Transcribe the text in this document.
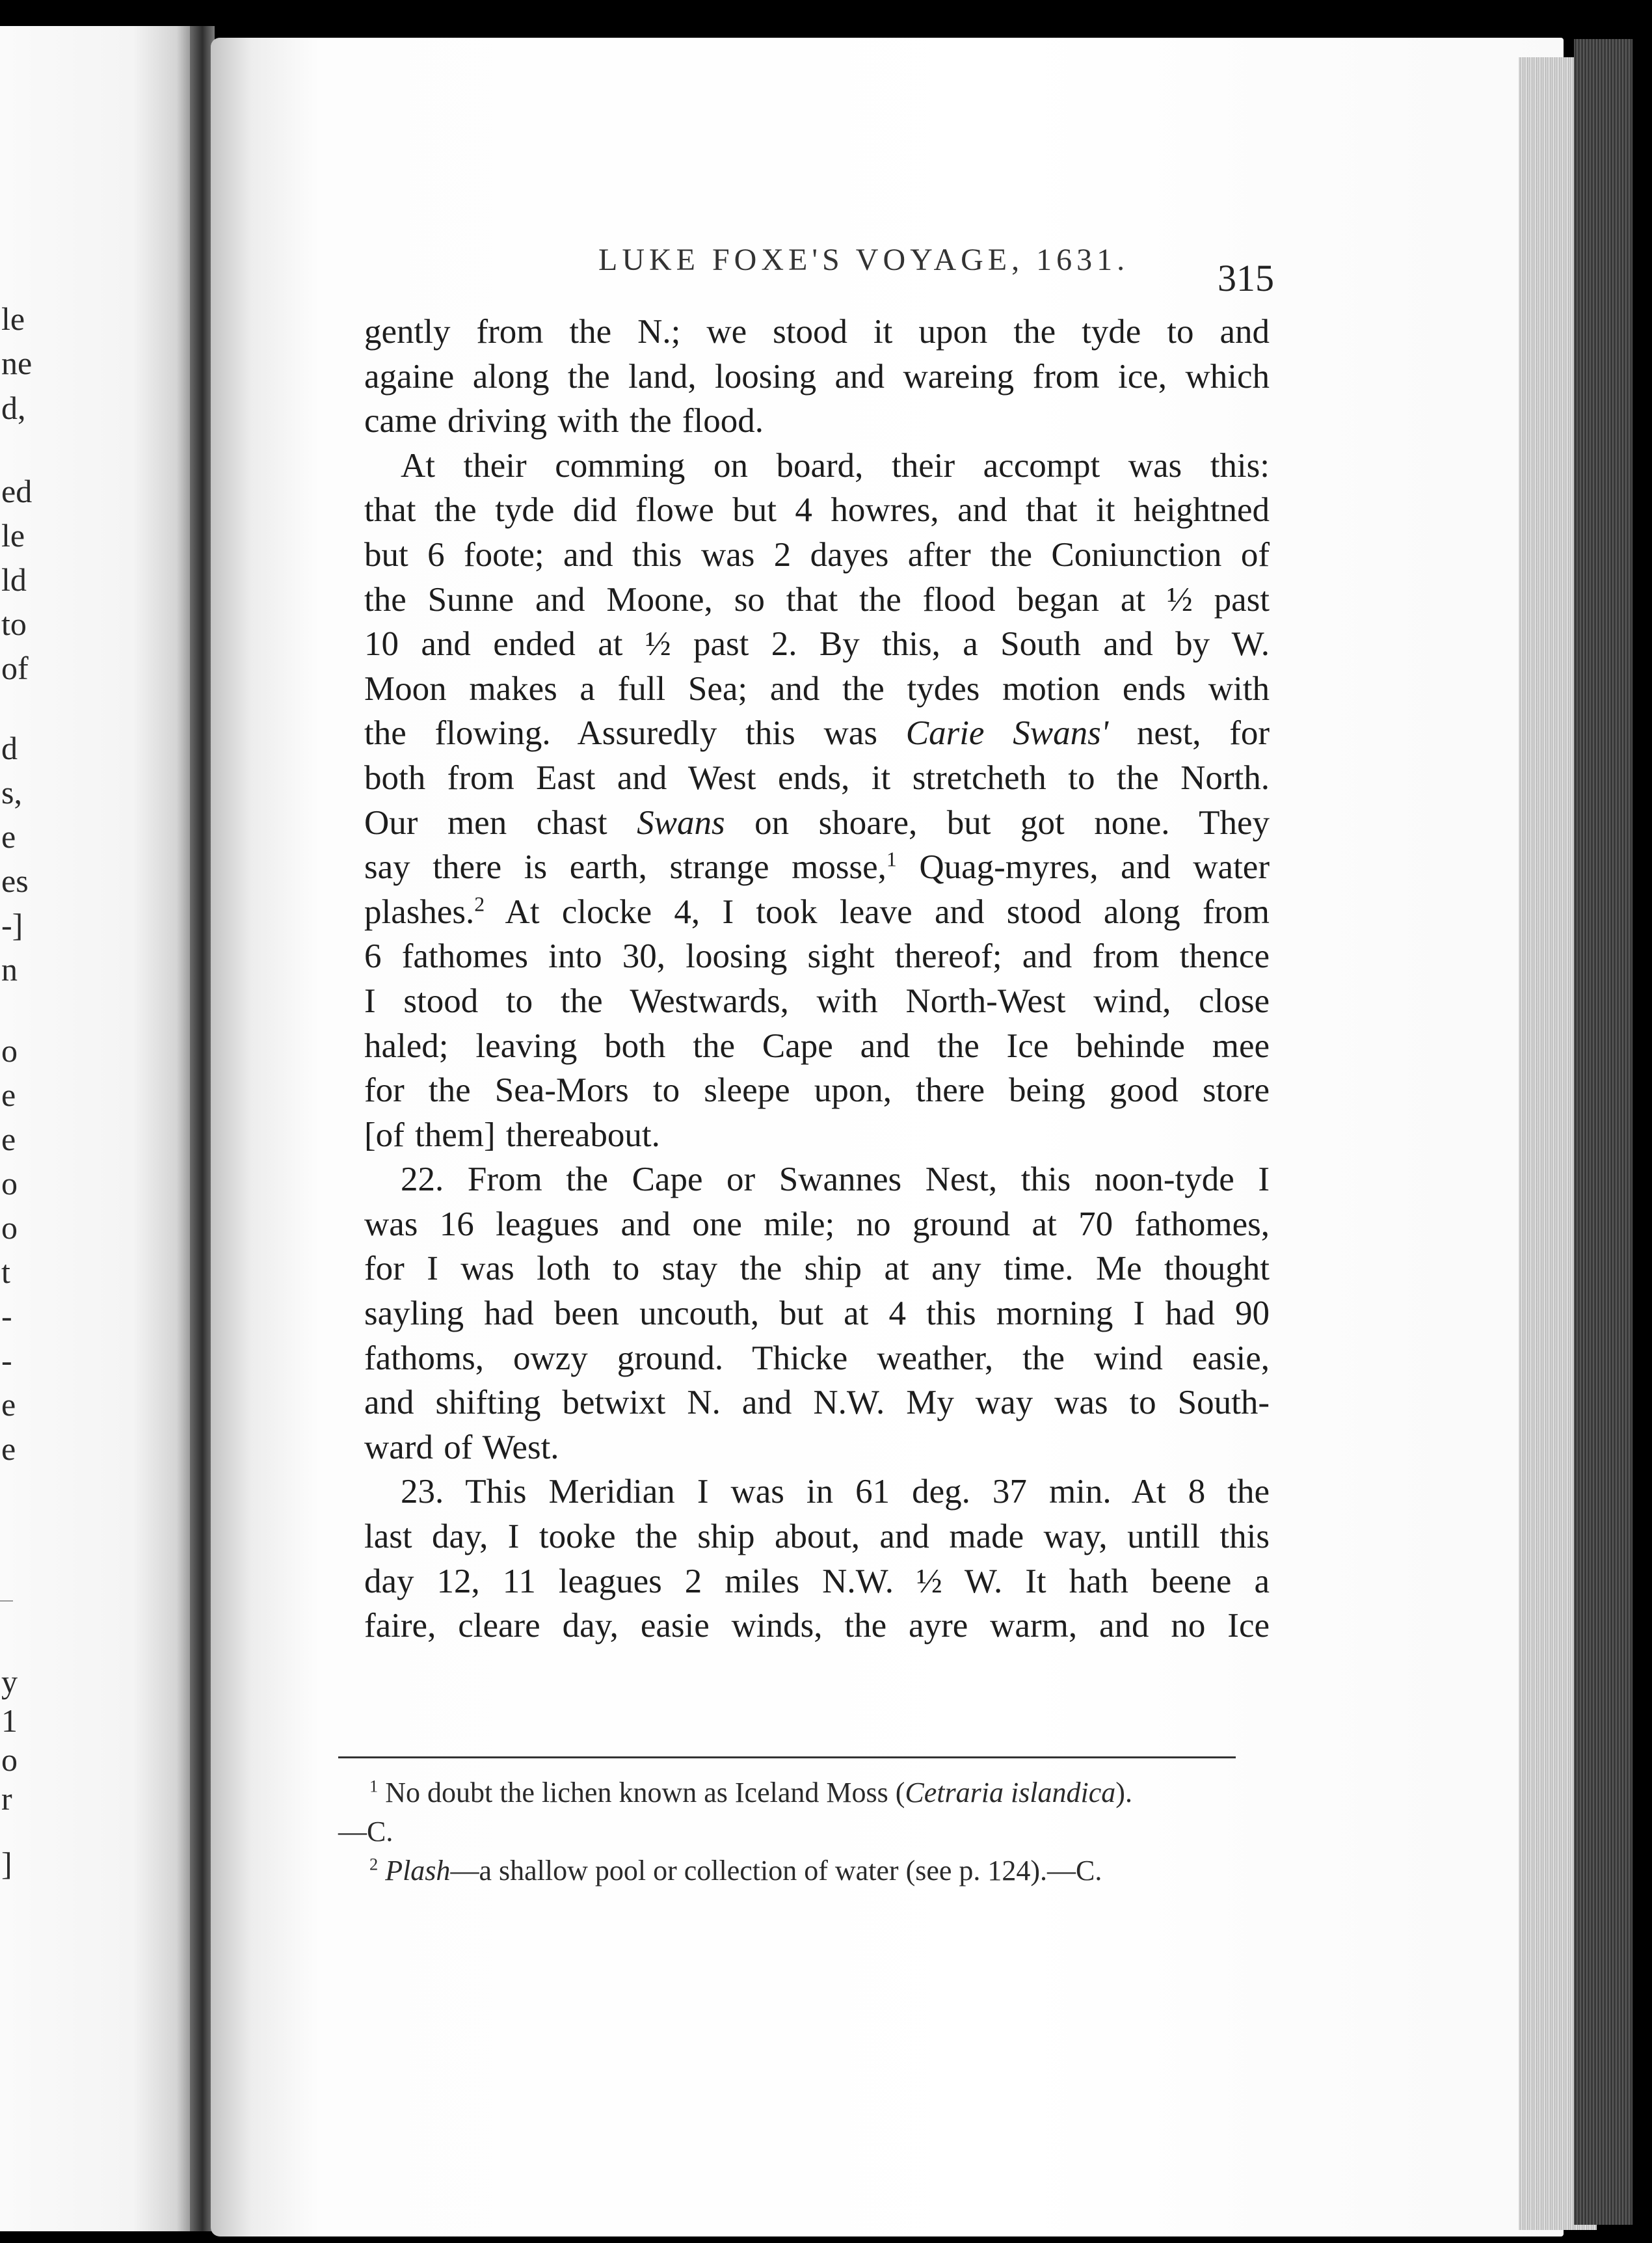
le
ne
d,
ed
le
ld
to
of
d
s,
e
es
-]
n
o
e
e
o
o
t
-
-
e
e
y
1
o
r
]
LUKE FOXE'S VOYAGE, 1631. 315
gently from the N.; we stood it upon the tyde to and
againe along the land, loosing and wareing from ice, which
came driving with the flood.
At their comming on board, their accompt was this:
that the tyde did flowe but 4 howres, and that it heightned
but 6 foote; and this was 2 dayes after the Coniunction of
the Sunne and Moone, so that the flood began at ½ past
10 and ended at ½ past 2. By this, a South and by W.
Moon makes a full Sea; and the tydes motion ends with
the flowing. Assuredly this was Carie Swans' nest, for
both from East and West ends, it stretcheth to the North.
Our men chast Swans on shoare, but got none. They
say there is earth, strange mosse,$^1$ Quag-myres, and water
plashes.$^2$ At clocke 4, I took leave and stood along from
6 fathomes into 30, loosing sight thereof; and from thence
I stood to the Westwards, with North-West wind, close
haled; leaving both the Cape and the Ice behinde mee
for the Sea-Mors to sleepe upon, there being good store
[of them] thereabout.
22. From the Cape or Swannes Nest, this noon-tyde I
was 16 leagues and one mile; no ground at 70 fathomes,
for I was loth to stay the ship at any time. Me thought
sayling had been uncouth, but at 4 this morning I had 90
fathoms, owzy ground. Thicke weather, the wind easie,
and shifting betwixt N. and N.W. My way was to South-
ward of West.
23. This Meridian I was in 61 deg. 37 min. At 8 the
last day, I tooke the ship about, and made way, untill this
day 12, 11 leagues 2 miles N.W. ½ W. It hath beene a
faire, cleare day, easie winds, the ayre warm, and no Ice
$^1$ No doubt the lichen known as Iceland Moss (Cetraria islandica).
—C.
$^2$ Plash—a shallow pool or collection of water (see p. 124).—C.
